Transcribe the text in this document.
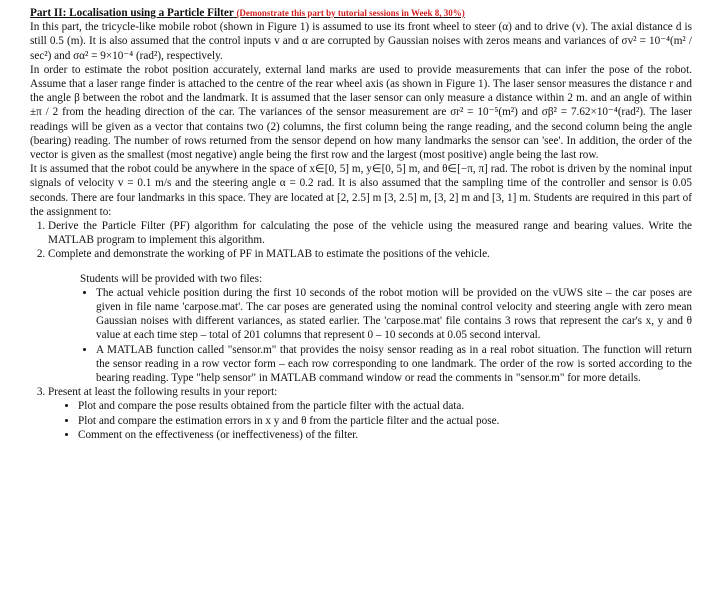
Part II: Localisation using a Particle Filter (Demonstrate this part by tutorial sessions in Week 8, 30%)

In this part, the tricycle-like mobile robot (shown in Figure 1) is assumed to use its front wheel to steer (α) and to drive (v). The axial distance d is still 0.5 (m). It is also assumed that the control inputs v and α are corrupted by Gaussian noises with zeros means and variances of σv² = 10⁻⁴(m² / sec²) and σα² = 9×10⁻⁴ (rad²), respectively.

In order to estimate the robot position accurately, external land marks are used to provide measurements that can infer the pose of the robot. Assume that a laser range finder is attached to the centre of the rear wheel axis (as shown in Figure 1). The laser sensor measures the distance r and the angle β between the robot and the landmark. It is assumed that the laser sensor can only measure a distance within 2 m. and an angle of within ±π / 2 from the heading direction of the car. The variances of the sensor measurement are σr² = 10⁻⁵(m²) and σβ² = 7.62×10⁻⁴(rad²). The laser readings will be given as a vector that contains two (2) columns, the first column being the range reading, and the second column being the angle (bearing) reading. The number of rows returned from the sensor depend on how many landmarks the sensor can 'see'. In addition, the order of the vector is given as the smallest (most negative) angle being the first row and the largest (most positive) angle being the last row.

It is assumed that the robot could be anywhere in the space of x∈[0, 5] m, y∈[0, 5] m, and θ∈[−π, π] rad. The robot is driven by the nominal input signals of velocity v = 0.1 m/s and the steering angle α = 0.2 rad. It is also assumed that the sampling time of the controller and sensor is 0.05 seconds. There are four landmarks in this space. They are located at [2, 2.5] m [3, 2.5] m, [3, 2] m and [3, 1] m. Students are required in this part of the assignment to:

1. Derive the Particle Filter (PF) algorithm for calculating the pose of the vehicle using the measured range and bearing values. Write the MATLAB program to implement this algorithm.
2. Complete and demonstrate the working of PF in MATLAB to estimate the positions of the vehicle.

Students will be provided with two files:

• The actual vehicle position during the first 10 seconds of the robot motion will be provided on the vUWS site – the car poses are given in file name 'carpose.mat'. The car poses are generated using the nominal control velocity and steering angle with zero mean Gaussian noises with different variances, as stated earlier. The 'carpose.mat' file contains 3 rows that represent the car's x, y and θ value at each time step – total of 201 columns that represent 0 – 10 seconds at 0.05 second interval.
• A MATLAB function called "sensor.m" that provides the noisy sensor reading as in a real robot situation. The function will return the sensor reading in a row vector form – each row corresponding to one landmark. The order of the row is sorted according to the bearing reading. Type "help sensor" in MATLAB command window or read the comments in "sensor.m" for more details.
3. Present at least the following results in your report:
• Plot and compare the pose results obtained from the particle filter with the actual data.
• Plot and compare the estimation errors in x y and θ from the particle filter and the actual pose.
• Comment on the effectiveness (or ineffectiveness) of the filter.
